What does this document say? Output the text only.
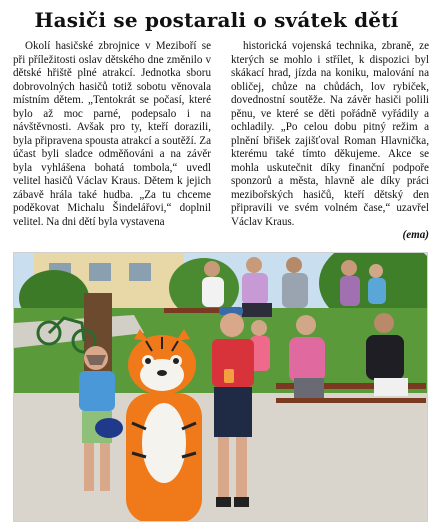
Hasiči se postarali o svátek dětí

Okolí hasičské zbrojnice v Meziboří se při příležitosti oslav dětského dne změnilo v dětské hřiště plné atrakcí. Jednotka sboru dobrovolných hasičů totiž sobotu věnovala místním dětem. „Tentokrát se počasí, které bylo až moc parné, podepsalo i na návštěvnosti. Avšak pro ty, kteří dorazili, byla připravena spousta atrakcí a soutěží. Za účast byli sladce odměňováni a na závěr byla vyhlášena bohatá tombola,“ uvedl velitel hasičů Václav Kraus. Dětem k jejich zábavě hrála také hudba. „Za tu chceme poděkovat Michalu Šindelářovi,“ doplnil velitel. Na dni dětí byla vystavena

historická vojenská technika, zbraně, ze kterých se mohlo i střílet, k dispozici byl skákací hrad, jízda na koniku, malování na obličej, chůze na chůdách, lov rybiček, dovednostní soutěže. Na závěr hasiči polili pěnu, ve které se děti pořádně vyřádily a ochladily. „Po celou dobu pitný režim a plnění břišek zajišťoval Roman Hlavnička, kterému také tímto děkujeme. Akce se mohla uskutečnit díky finanční podpoře sponzorů a města, hlavně ale díky práci mezibořských hasičů, kteří dětský den připravili ve svém volném čase,“ uzavřel Václav Kraus.

(ema)
